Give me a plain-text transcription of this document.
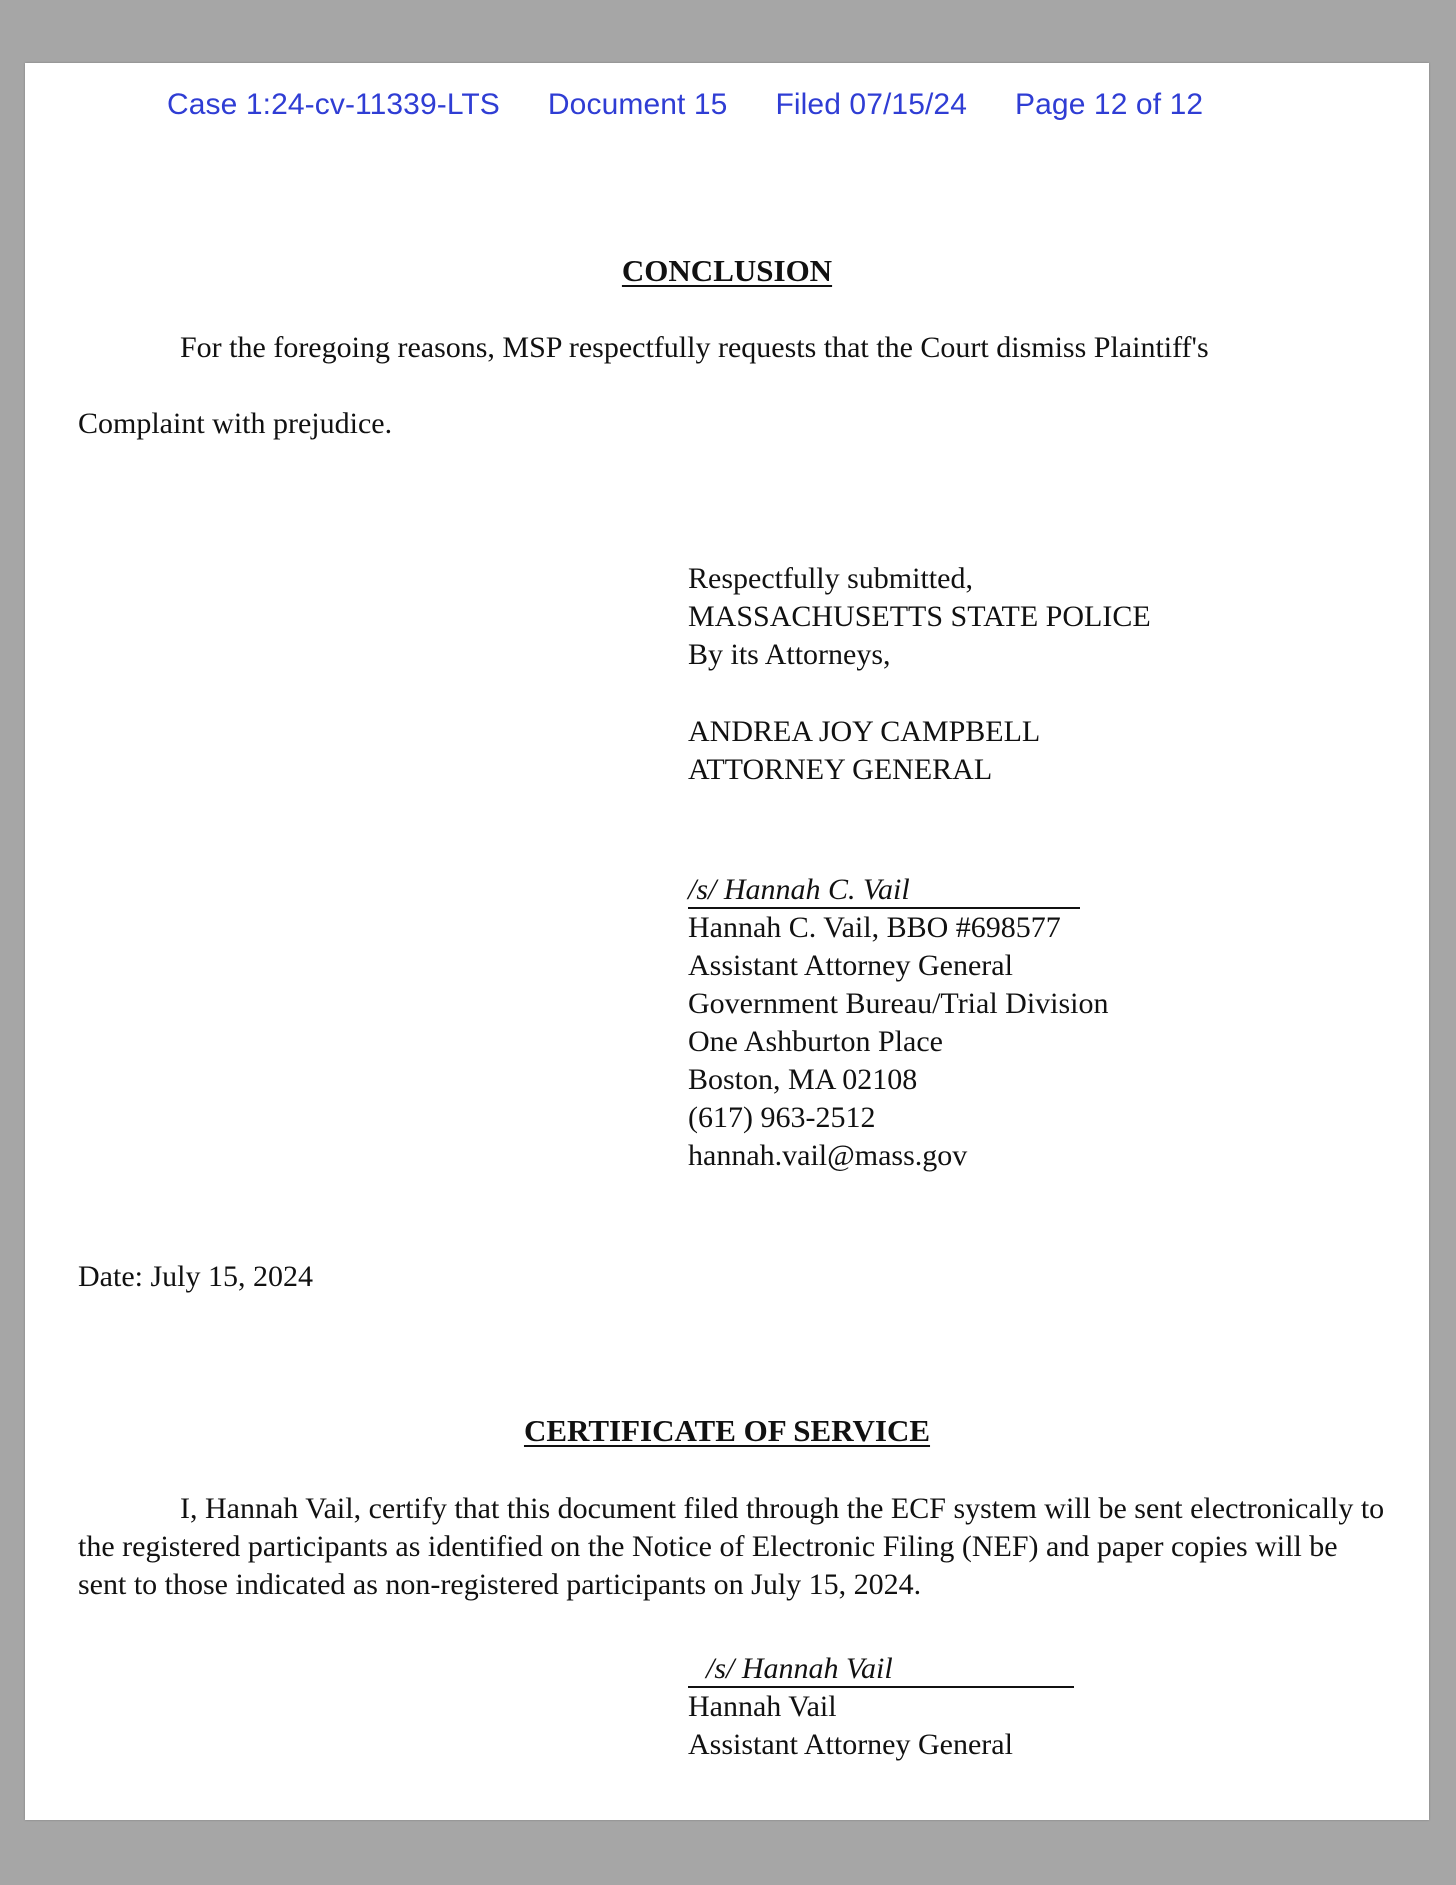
Case 1:24-cv-11339-LTS Document 15 Filed 07/15/24 Page 12 of 12
CONCLUSION
For the foregoing reasons, MSP respectfully requests that the Court dismiss Plaintiff's
Complaint with prejudice.
Respectfully submitted,
MASSACHUSETTS STATE POLICE
By its Attorneys,
ANDREA JOY CAMPBELL
ATTORNEY GENERAL
/s/ Hannah C. Vail
Hannah C. Vail, BBO #698577
Assistant Attorney General
Government Bureau/Trial Division
One Ashburton Place
Boston, MA 02108
(617) 963-2512
hannah.vail@mass.gov
Date: July 15, 2024
CERTIFICATE OF SERVICE
I, Hannah Vail, certify that this document filed through the ECF system will be sent electronically to the registered participants as identified on the Notice of Electronic Filing (NEF) and paper copies will be sent to those indicated as non-registered participants on July 15, 2024.
/s/ Hannah Vail
Hannah Vail
Assistant Attorney General
